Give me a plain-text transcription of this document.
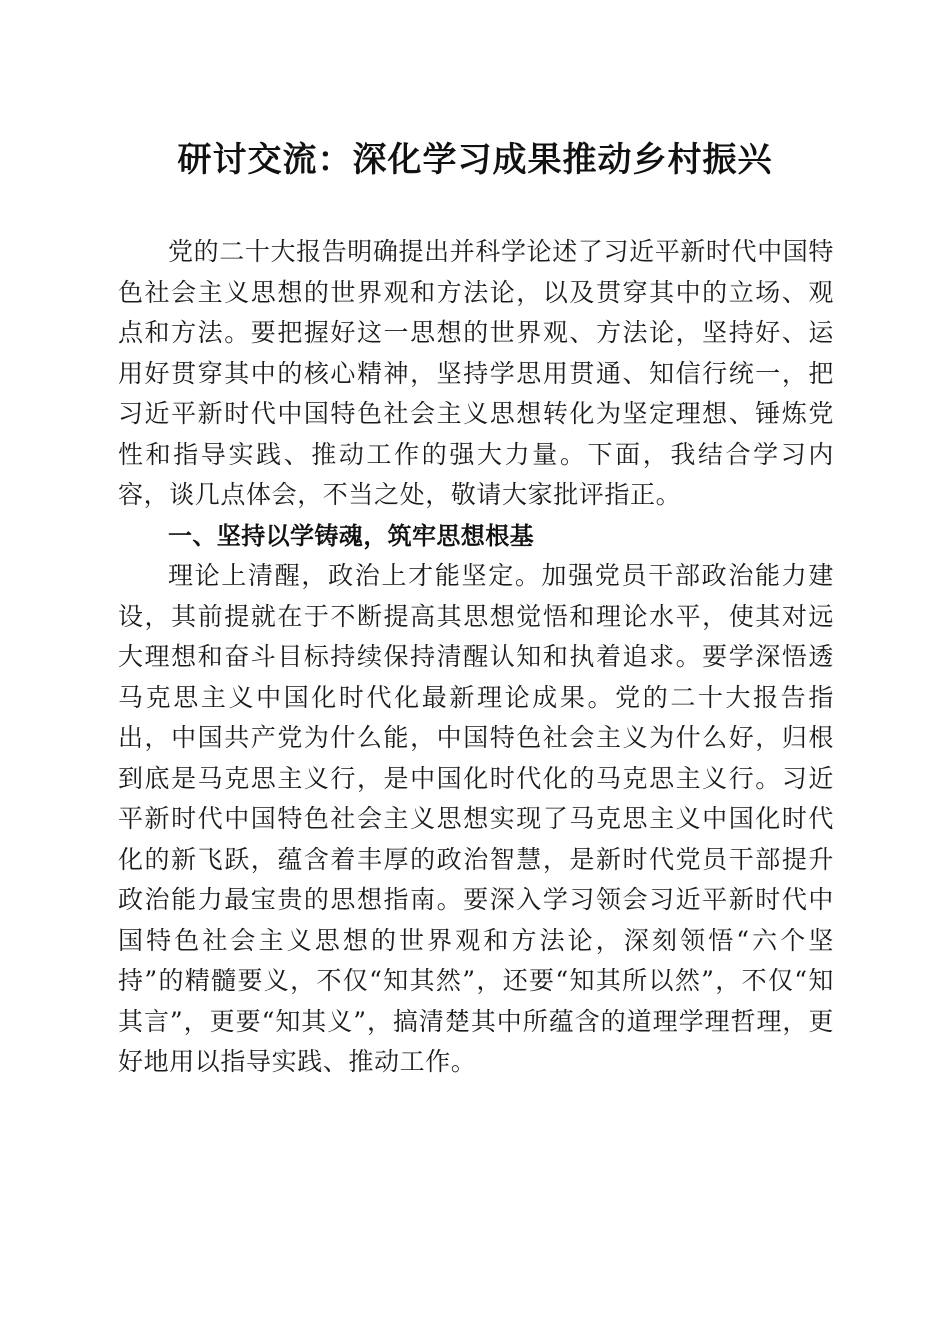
研讨交流：深化学习成果推动乡村振兴

党的二十大报告明确提出并科学论述了习近平新时代中国特色社会主义思想的世界观和方法论，以及贯穿其中的立场、观点和方法。要把握好这一思想的世界观、方法论，坚持好、运用好贯穿其中的核心精神，坚持学思用贯通、知信行统一，把习近平新时代中国特色社会主义思想转化为坚定理想、锤炼党性和指导实践、推动工作的强大力量。下面，我结合学习内容，谈几点体会，不当之处，敬请大家批评指正。

一、坚持以学铸魂，筑牢思想根基

理论上清醒，政治上才能坚定。加强党员干部政治能力建设，其前提就在于不断提高其思想觉悟和理论水平，使其对远大理想和奋斗目标持续保持清醒认知和执着追求。要学深悟透马克思主义中国化时代化最新理论成果。党的二十大报告指出，中国共产党为什么能，中国特色社会主义为什么好，归根到底是马克思主义行，是中国化时代化的马克思主义行。习近平新时代中国特色社会主义思想实现了马克思主义中国化时代化的新飞跃，蕴含着丰厚的政治智慧，是新时代党员干部提升政治能力最宝贵的思想指南。要深入学习领会习近平新时代中国特色社会主义思想的世界观和方法论，深刻领悟“六个坚持”的精髓要义，不仅“知其然”，还要“知其所以然”，不仅“知其言”，更要“知其义”，搞清楚其中所蕴含的道理学理哲理，更好地用以指导实践、推动工作。
